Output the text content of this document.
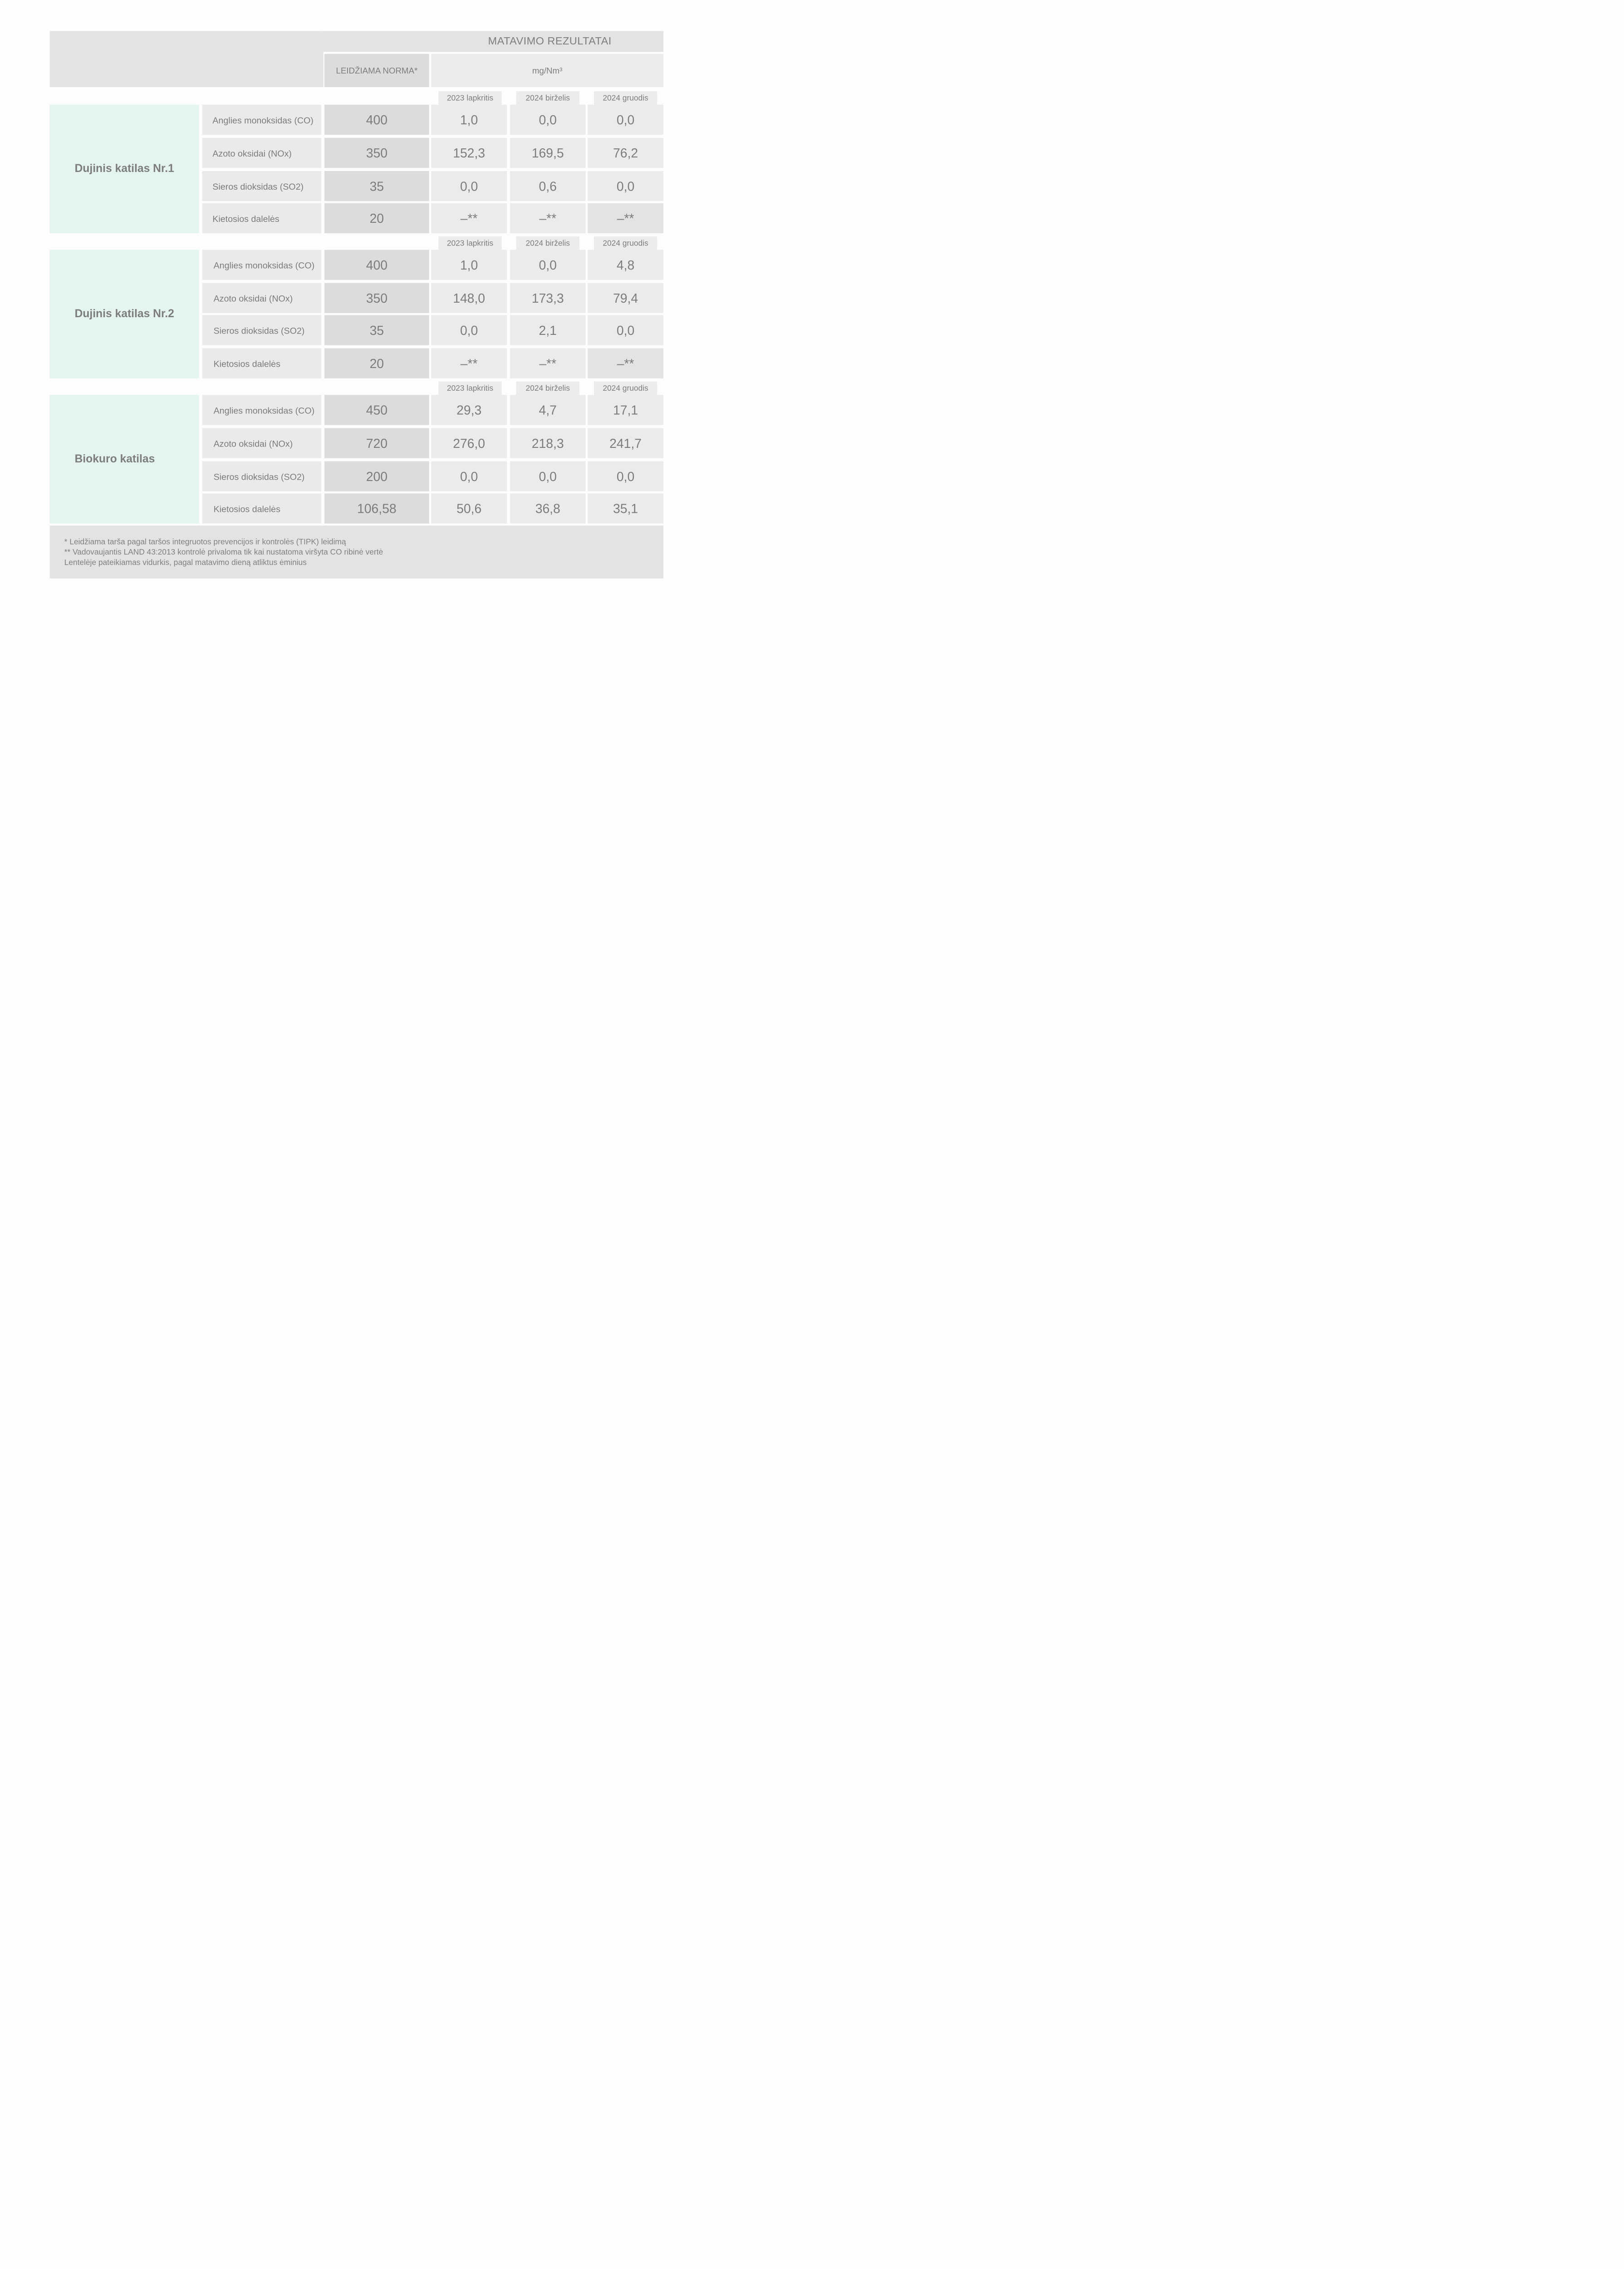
MATAVIMO REZULTATAI
LEIDŽIAMA NORMA*	mg/Nm³
2023 lapkritis	2024 birželis	2024 gruodis
Dujinis katilas Nr.1
Anglies monoksidas (CO)	400	1,0	0,0	0,0
Azoto oksidai (NOx)	350	152,3	169,5	76,2
Sieros dioksidas (SO2)	35	0,0	0,6	0,0
Kietosios dalelės	20	–**	–**	–**
2023 lapkritis	2024 birželis	2024 gruodis
Dujinis katilas Nr.2
Anglies monoksidas (CO)	400	1,0	0,0	4,8
Azoto oksidai (NOx)	350	148,0	173,3	79,4
Sieros dioksidas (SO2)	35	0,0	2,1	0,0
Kietosios dalelės	20	–**	–**	–**
2023 lapkritis	2024 birželis	2024 gruodis
Biokuro katilas
Anglies monoksidas (CO)	450	29,3	4,7	17,1
Azoto oksidai (NOx)	720	276,0	218,3	241,7
Sieros dioksidas (SO2)	200	0,0	0,0	0,0
Kietosios dalelės	106,58	50,6	36,8	35,1
* Leidžiama tarša pagal taršos integruotos prevencijos ir kontrolės (TIPK) leidimą
** Vadovaujantis LAND 43:2013 kontrolė privaloma tik kai nustatoma viršyta CO ribinė vertė
Lentelėje pateikiamas vidurkis, pagal matavimo dieną atliktus ėminius
